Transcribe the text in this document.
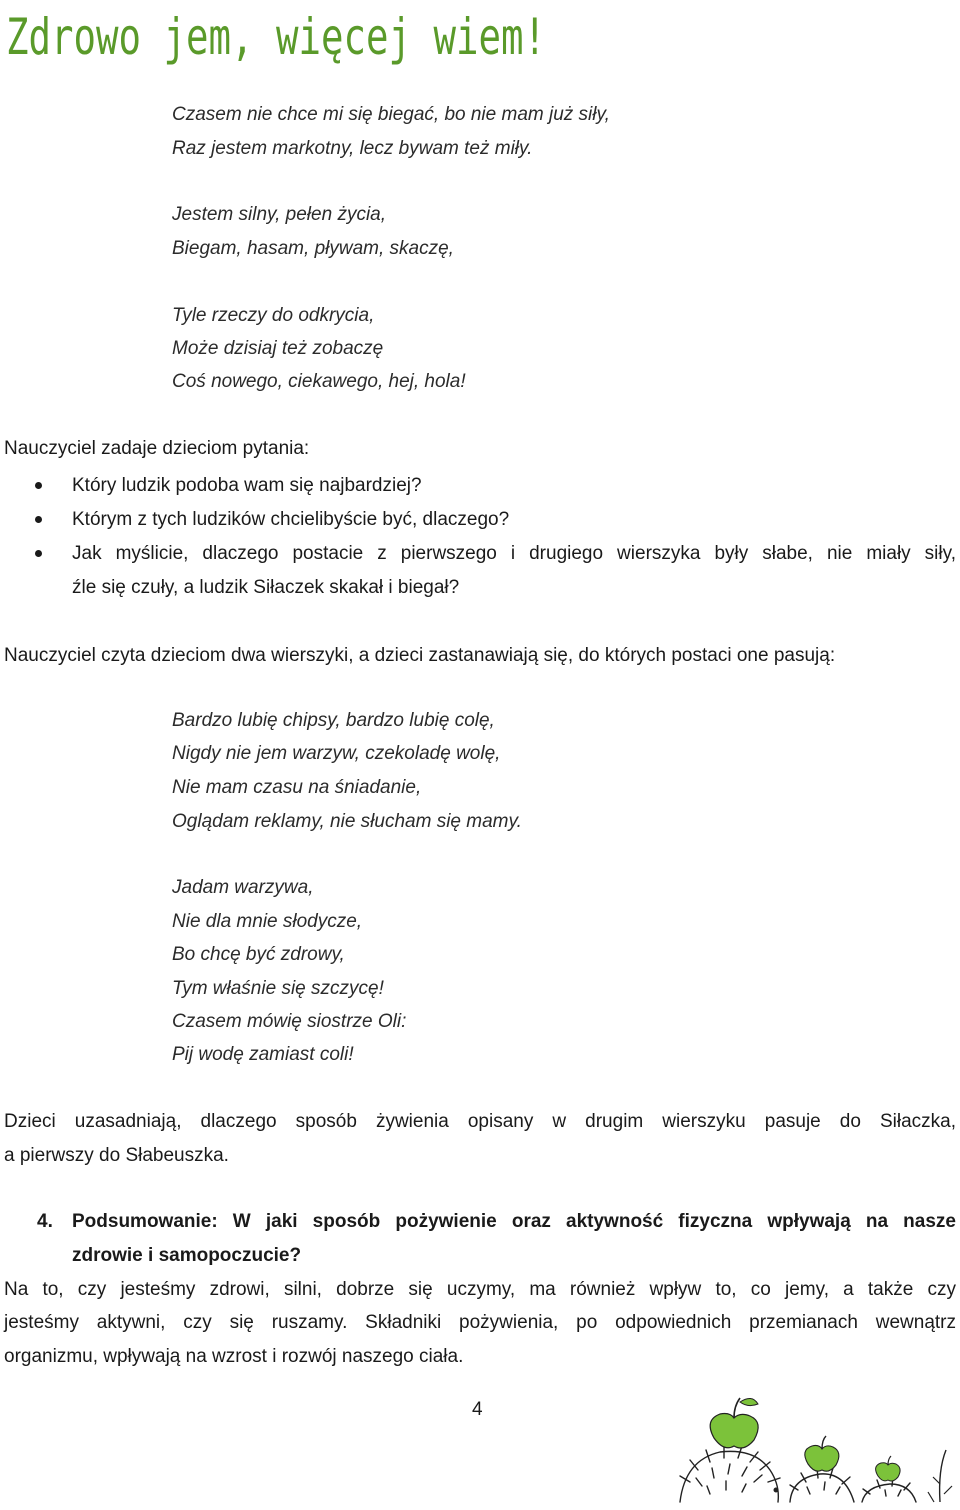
Zdrowo jem, więcej wiem!
Czasem nie chce mi się biegać, bo nie mam już siły,
Raz jestem markotny, lecz bywam też miły.
Jestem silny, pełen życia,
Biegam, hasam, pływam, skaczę,
Tyle rzeczy do odkrycia,
Może dzisiaj też zobaczę
Coś nowego, ciekawego, hej, hola!
Nauczyciel zadaje dzieciom pytania:
Który ludzik podoba wam się najbardziej?
Którym z tych ludzików chcielibyście być, dlaczego?
Jak myślicie, dlaczego postacie z pierwszego i drugiego wierszyka były słabe, nie miały siły,
źle się czuły, a ludzik Siłaczek skakał i biegał?
Nauczyciel czyta dzieciom dwa wierszyki, a dzieci zastanawiają się, do których postaci one pasują:
Bardzo lubię chipsy, bardzo lubię colę,
Nigdy nie jem warzyw, czekoladę wolę,
Nie mam czasu na śniadanie,
Oglądam reklamy, nie słucham się mamy.
Jadam warzywa,
Nie dla mnie słodycze,
Bo chcę być zdrowy,
Tym właśnie się szczycę!
Czasem mówię siostrze Oli:
Pij wodę zamiast coli!
Dzieci uzasadniają, dlaczego sposób żywienia opisany w drugim wierszyku pasuje do Siłaczka,
a pierwszy do Słabeuszka.
4. Podsumowanie: W jaki sposób pożywienie oraz aktywność fizyczna wpływają na nasze
zdrowie i samopoczucie?
Na to, czy jesteśmy zdrowi, silni, dobrze się uczymy, ma również wpływ to, co jemy, a także czy
jesteśmy aktywni, czy się ruszamy. Składniki pożywienia, po odpowiednich przemianach wewnątrz
organizmu, wpływają na wzrost i rozwój naszego ciała.
4
